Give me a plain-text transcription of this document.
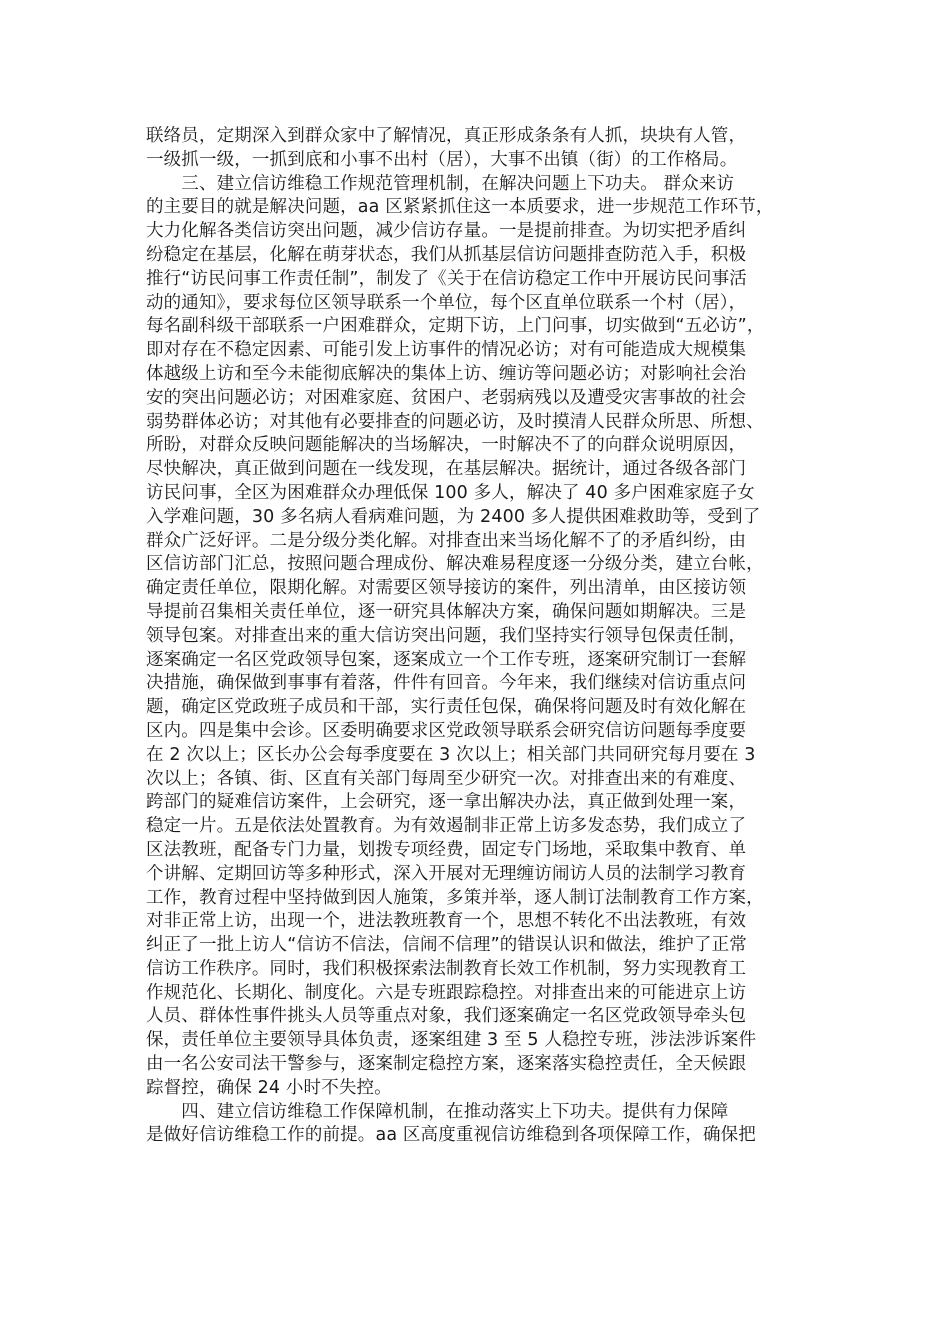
联络员，定期深入到群众家中了解情况，真正形成条条有人抓，块块有人管，
一级抓一级，一抓到底和小事不出村（居），大事不出镇（街）的工作格局。
　　三、建立信访维稳工作规范管理机制，在解决问题上下功夫。 群众来访
的主要目的就是解决问题，aa 区紧紧抓住这一本质要求，进一步规范工作环节，
大力化解各类信访突出问题，减少信访存量。一是提前排查。为切实把矛盾纠
纷稳定在基层，化解在萌芽状态，我们从抓基层信访问题排查防范入手，积极
推行“访民问事工作责任制”，制发了《关于在信访稳定工作中开展访民问事活
动的通知》，要求每位区领导联系一个单位，每个区直单位联系一个村（居），
每名副科级干部联系一户困难群众，定期下访，上门问事，切实做到“五必访”，
即对存在不稳定因素、可能引发上访事件的情况必访；对有可能造成大规模集
体越级上访和至今未能彻底解决的集体上访、缠访等问题必访；对影响社会治
安的突出问题必访；对困难家庭、贫困户、老弱病残以及遭受灾害事故的社会
弱势群体必访；对其他有必要排查的问题必访，及时摸清人民群众所思、所想、
所盼，对群众反映问题能解决的当场解决，一时解决不了的向群众说明原因，
尽快解决，真正做到问题在一线发现，在基层解决。据统计，通过各级各部门
访民问事，全区为困难群众办理低保 100 多人，解决了 40 多户困难家庭子女
入学难问题，30 多名病人看病难问题，为 2400 多人提供困难救助等，受到了
群众广泛好评。二是分级分类化解。对排查出来当场化解不了的矛盾纠纷，由
区信访部门汇总，按照问题合理成份、解决难易程度逐一分级分类，建立台帐，
确定责任单位，限期化解。对需要区领导接访的案件，列出清单，由区接访领
导提前召集相关责任单位，逐一研究具体解决方案，确保问题如期解决。三是
领导包案。对排查出来的重大信访突出问题，我们坚持实行领导包保责任制，
逐案确定一名区党政领导包案，逐案成立一个工作专班，逐案研究制订一套解
决措施，确保做到事事有着落，件件有回音。今年来，我们继续对信访重点问
题，确定区党政班子成员和干部，实行责任包保，确保将问题及时有效化解在
区内。四是集中会诊。区委明确要求区党政领导联系会研究信访问题每季度要
在 2 次以上；区长办公会每季度要在 3 次以上；相关部门共同研究每月要在 3
次以上；各镇、街、区直有关部门每周至少研究一次。对排查出来的有难度、
跨部门的疑难信访案件，上会研究，逐一拿出解决办法，真正做到处理一案，
稳定一片。五是依法处置教育。为有效遏制非正常上访多发态势，我们成立了
区法教班，配备专门力量，划拨专项经费，固定专门场地，采取集中教育、单
个讲解、定期回访等多种形式，深入开展对无理缠访闹访人员的法制学习教育
工作，教育过程中坚持做到因人施策，多策并举，逐人制订法制教育工作方案，
对非正常上访，出现一个，进法教班教育一个，思想不转化不出法教班，有效
纠正了一批上访人“信访不信法，信闹不信理”的错误认识和做法，维护了正常
信访工作秩序。同时，我们积极探索法制教育长效工作机制，努力实现教育工
作规范化、长期化、制度化。六是专班跟踪稳控。对排查出来的可能进京上访
人员、群体性事件挑头人员等重点对象，我们逐案确定一名区党政领导牵头包
保，责任单位主要领导具体负责，逐案组建 3 至 5 人稳控专班，涉法涉诉案件
由一名公安司法干警参与，逐案制定稳控方案，逐案落实稳控责任，全天候跟
踪督控，确保 24 小时不失控。
　　四、建立信访维稳工作保障机制，在推动落实上下功夫。提供有力保障
是做好信访维稳工作的前提。aa 区高度重视信访维稳到各项保障工作，确保把
